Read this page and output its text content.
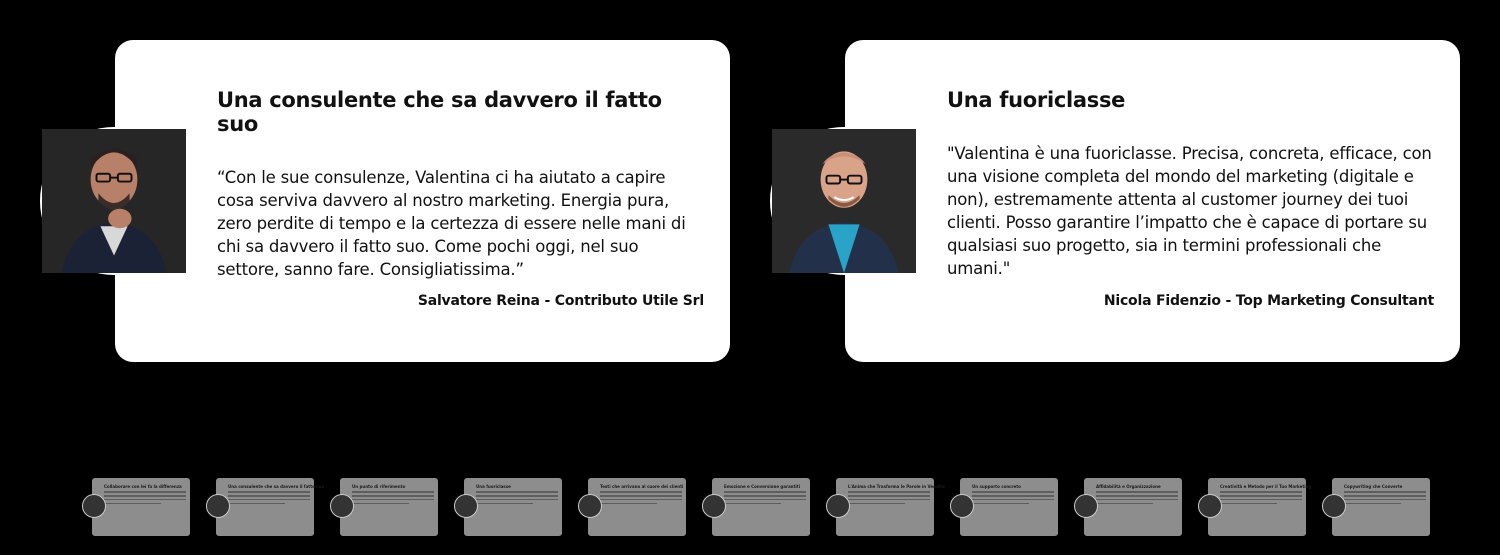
Una consulente che sa davvero il fatto suo

“Con le sue consulenze, Valentina ci ha aiutato a capire cosa serviva davvero al nostro marketing. Energia pura, zero perdite di tempo e la certezza di essere nelle mani di chi sa davvero il fatto suo. Come pochi oggi, nel suo settore, sanno fare. Consigliatissima.”

Salvatore Reina - Contributo Utile Srl
Una fuoriclasse

"Valentina è una fuoriclasse. Precisa, concreta, efficace, con una visione completa del mondo del marketing (digitale e non), estremamente attenta al customer journey dei tuoi clienti. Posso garantire l’impatto che è capace di portare su qualsiasi suo progetto, sia in termini professionali che umani."

Nicola Fidenzio - Top Marketing Consultant
Collaborare con lei fa la differenza	Una consulente che sa davvero il fatto suo	Un punto di riferimento	Una fuoriclasse	Testi che arrivano al cuore dei clienti	Emozione e Conversione garantiti	L'Anima che Trasforma le Parole in Vendite	Un supporto concreto	Affidabilità e Organizzazione	Creatività e Metodo per il Tuo Marketing	Copywriting che Converte
